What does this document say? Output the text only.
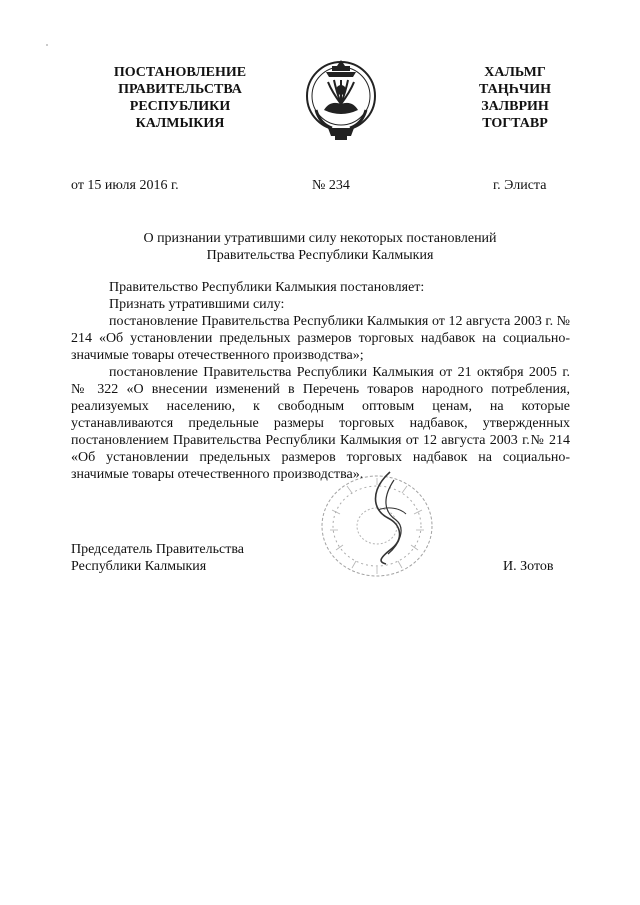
ПОСТАНОВЛЕНИЕ
ПРАВИТЕЛЬСТВА
РЕСПУБЛИКИ
КАЛМЫКИЯ
ХАЛЬМГ
ТАҢҺЧИН
ЗАЛВРИН
ТОГТАВР
от 15 июля 2016 г.	№ 234	г. Элиста
О признании утратившими силу некоторых постановлений
Правительства Республики Калмыкия

Правительство Республики Калмыкия постановляет:

Признать утратившими силу:

постановление Правительства Республики Калмыкия от 12 августа 2003 г. № 214 «Об установлении предельных размеров торговых надбавок на социально-значимые товары отечественного производства»;

постановление Правительства Республики Калмыкия от 21 октября 2005 г. № 322 «О внесении изменений в Перечень товаров народного потребления, реализуемых населению, к свободным оптовым ценам, на которые устанавливаются предельные размеры торговых надбавок, утвержденных постановлением Правительства Республики Калмыкия от 12 августа 2003 г.№ 214 «Об установлении предельных размеров торговых надбавок на социально-значимые товары отечественного производства».

Председатель Правительства
Республики Калмыкия	И. Зотов
